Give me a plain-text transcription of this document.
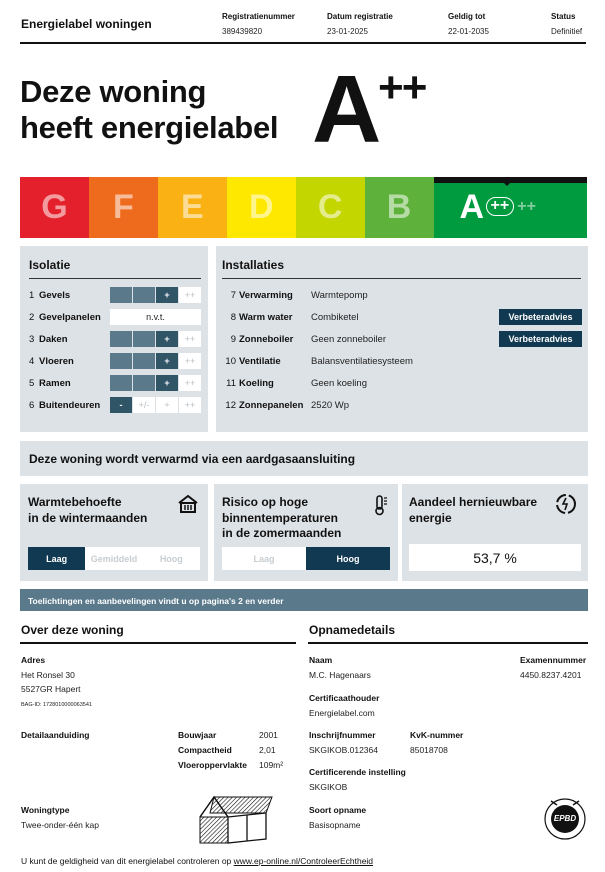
Energielabel woningen
Registratienummer
389439820
Datum registratie
23-01-2025
Geldig tot
22-01-2035
Status
Definitief
Deze woning
heeft energielabel A
++
G	F	E	D	C	B	A ++ ++
Isolatie
1 Gevels	+	++
2 Gevelpanelen	n.v.t.
3 Daken	+	++
4 Vloeren	+	++
5 Ramen	+	++
6 Buitendeuren	-	+/-	+	++
Installaties
7 Verwarming	Warmtepomp
8 Warm water	Combiketel	Verbeteradvies
9 Zonneboiler	Geen zonneboiler	Verbeteradvies
10 Ventilatie	Balansventilatiesysteem
11 Koeling	Geen koeling
12 Zonnepanelen 2520 Wp
Deze woning wordt verwarmd via een aardgasaansluiting
Warmtebehoefte
in de wintermaanden
Laag	Gemiddeld	Hoog
Risico op hoge
binnentemperaturen
in de zomermaanden
Laag	Hoog
Aandeel hernieuwbare
energie
53,7 %
Toelichtingen en aanbevelingen vindt u op pagina's 2 en verder
Over deze woning
Adres
Het Ronsel 30
5527GR Hapert
BAG-ID: 1728010000063541
Detailaanduiding	Bouwjaar	2001
Compactheid	2,01
Vloeroppervlakte 109m²
Woningtype
Twee-onder-één kap
Opnamedetails
Naam
M.C. Hagenaars
Examennummer
4450.8237.4201
Certificaathouder
Energielabel.com
Inschrijfnummer
SKGIKOB.012364
KvK-nummer
85018708
Certificerende instelling
SKGIKOB
Soort opname
Basisopname
EPBD
U kunt de geldigheid van dit energielabel controleren op www.ep-online.nl/ControleerEchtheid
